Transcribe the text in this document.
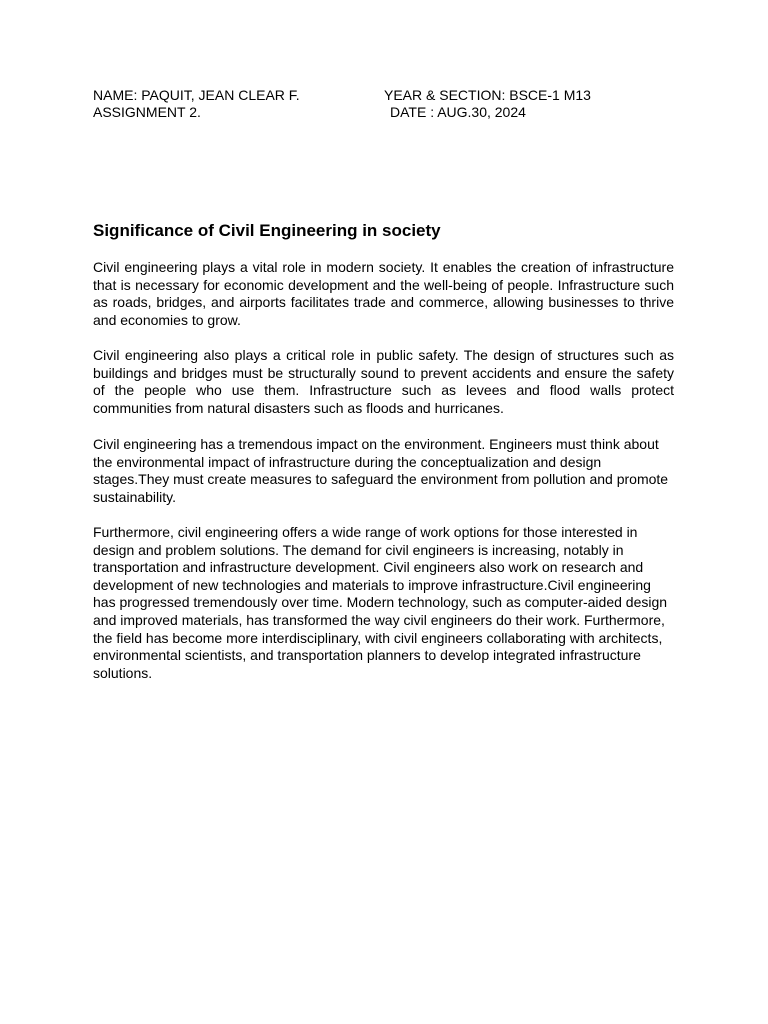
NAME: PAQUIT, JEAN CLEAR F.
ASSIGNMENT 2.
YEAR & SECTION: BSCE-1 M13
DATE : AUG.30, 2024
Significance of Civil Engineering in society

Civil engineering plays a vital role in modern society. It enables the creation of infrastructure that is necessary for economic development and the well-being of people. Infrastructure such as roads, bridges, and airports facilitates trade and commerce, allowing businesses to thrive and economies to grow.

Civil engineering also plays a critical role in public safety. The design of structures such as buildings and bridges must be structurally sound to prevent accidents and ensure the safety of the people who use them. Infrastructure such as levees and flood walls protect communities from natural disasters such as floods and hurricanes.

Civil engineering has a tremendous impact on the environment. Engineers must think about the environmental impact of infrastructure during the conceptualization and design stages.They must create measures to safeguard the environment from pollution and promote sustainability.

Furthermore, civil engineering offers a wide range of work options for those interested in design and problem solutions. The demand for civil engineers is increasing, notably in transportation and infrastructure development. Civil engineers also work on research and development of new technologies and materials to improve infrastructure.Civil engineering has progressed tremendously over time. Modern technology, such as computer-aided design and improved materials, has transformed the way civil engineers do their work. Furthermore, the field has become more interdisciplinary, with civil engineers collaborating with architects, environmental scientists, and transportation planners to develop integrated infrastructure solutions.
